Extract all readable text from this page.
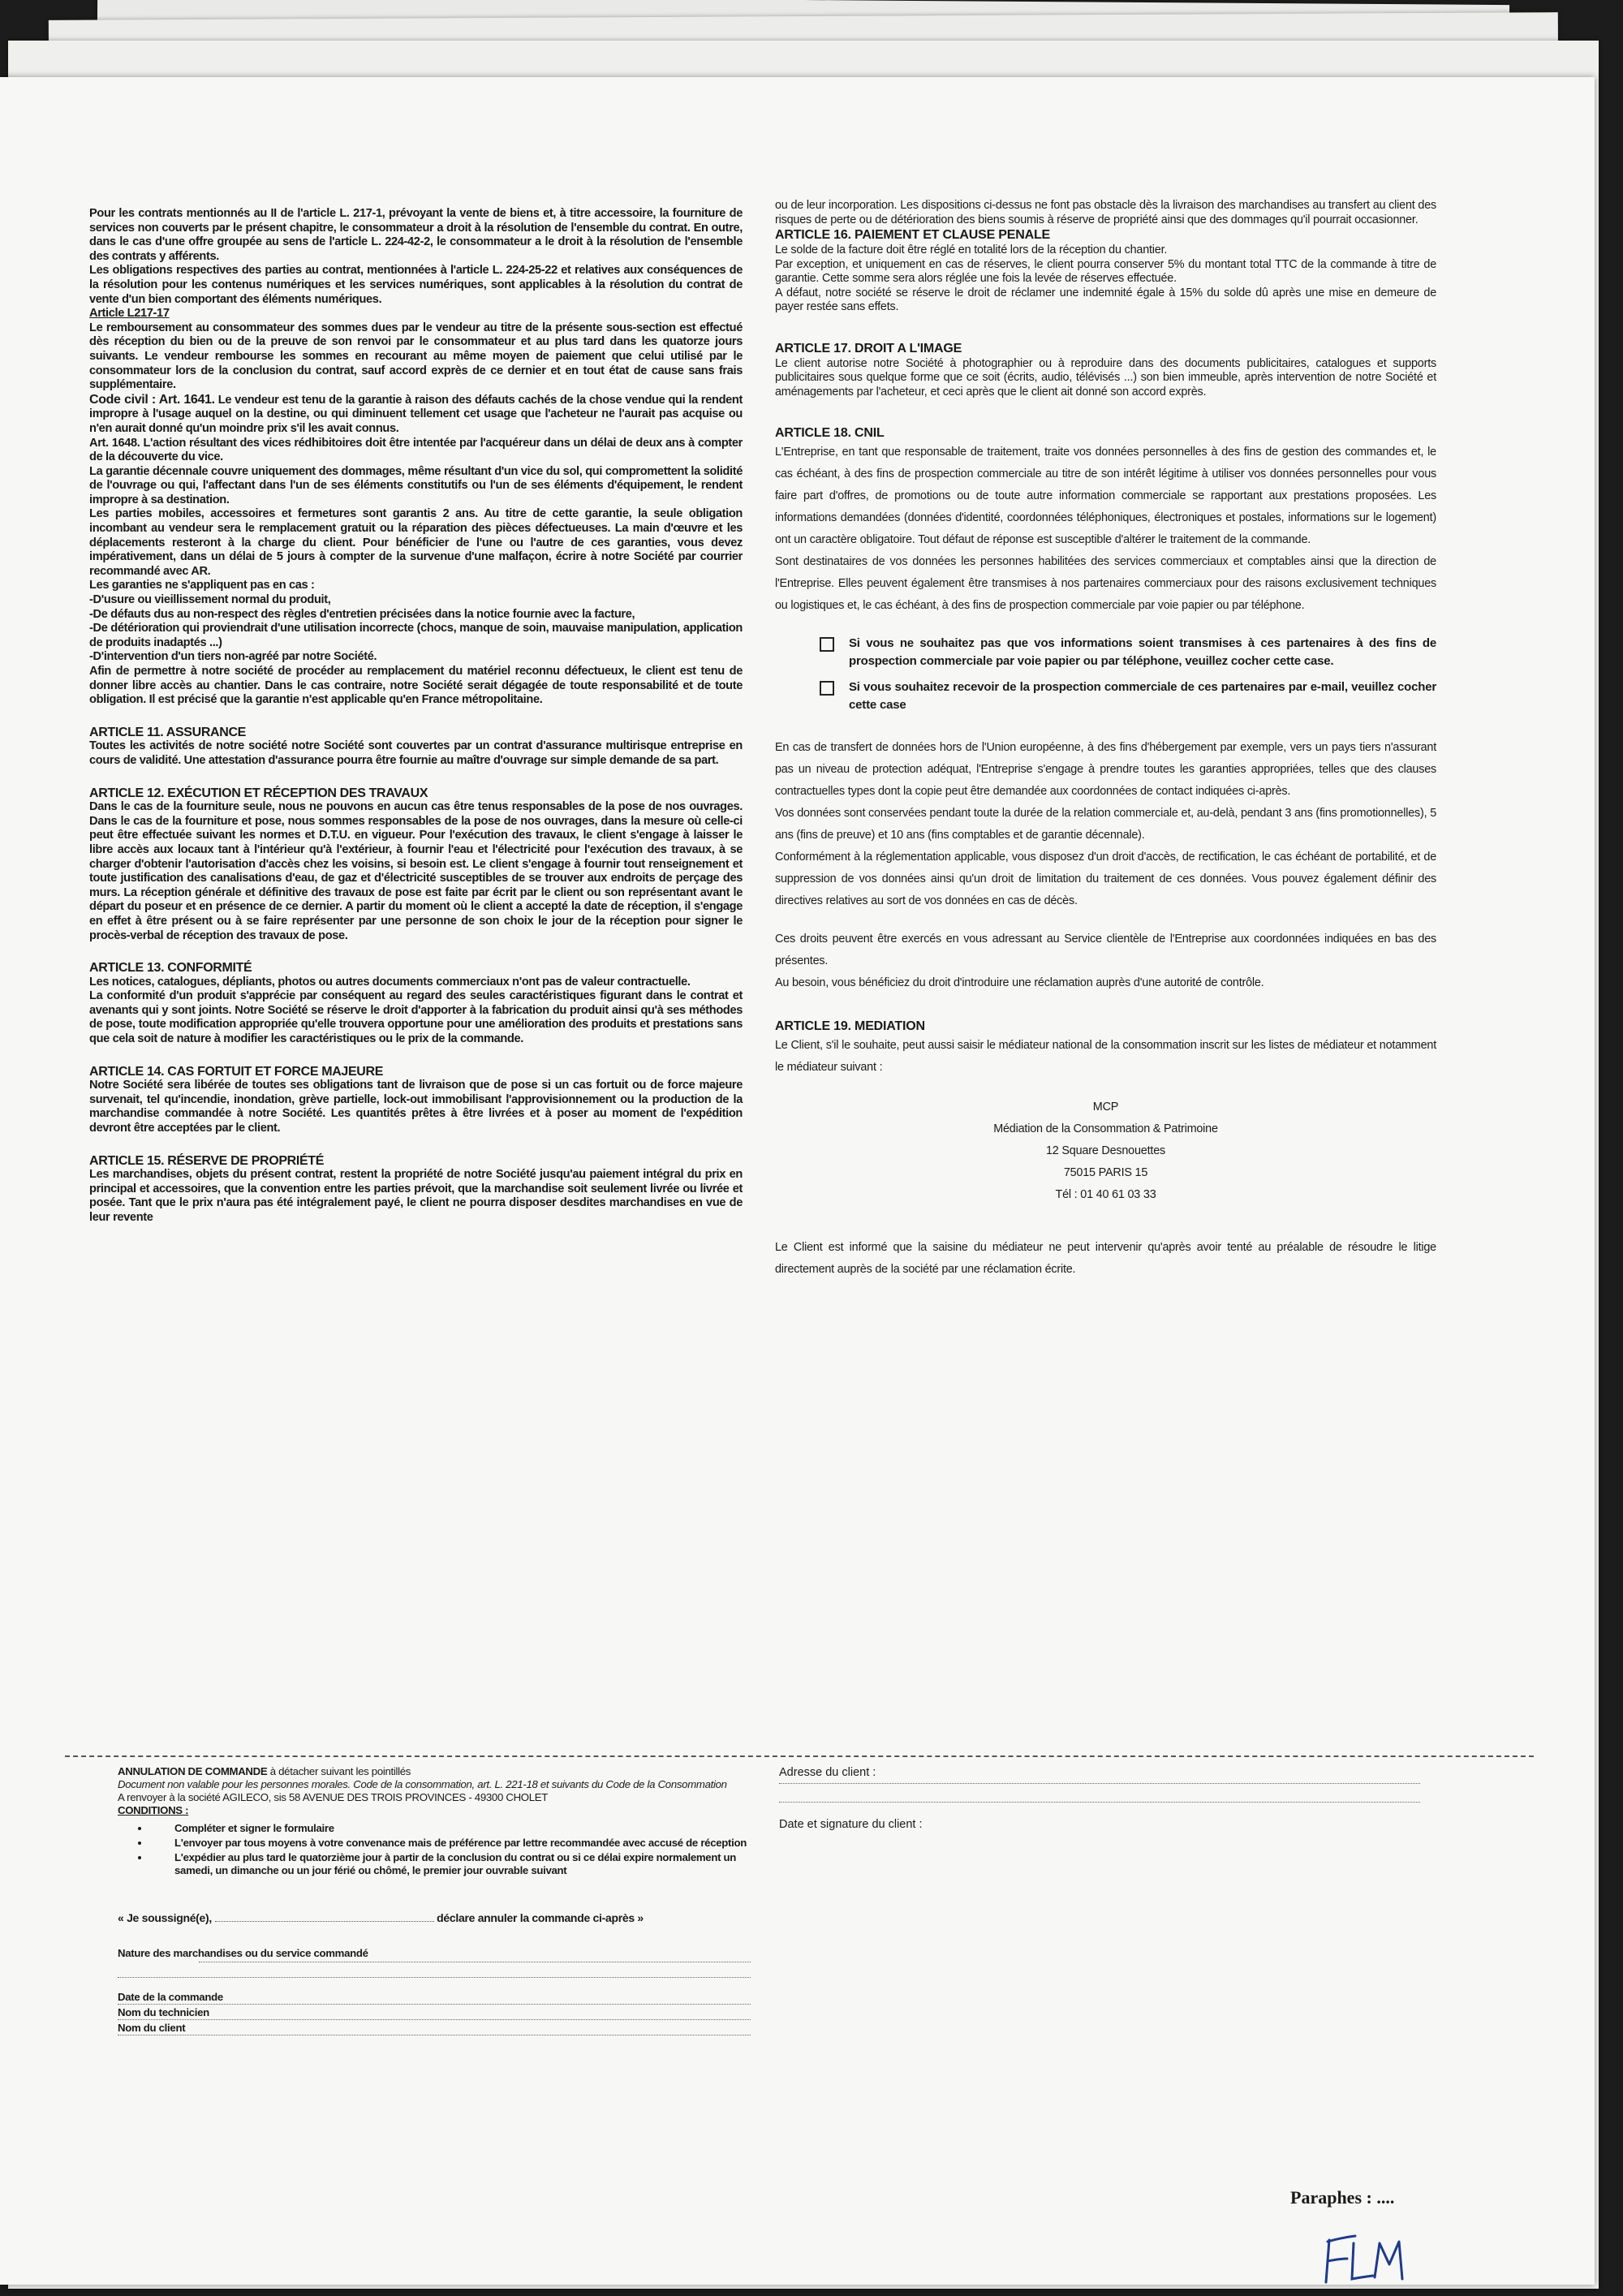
Pour les contrats mentionnés au II de l'article L. 217-1, prévoyant la vente de biens et, à titre accessoire, la fourniture de services non couverts par le présent chapitre, le consommateur a droit à la résolution de l'ensemble du contrat. En outre, dans le cas d'une offre groupée au sens de l'article L. 224-42-2, le consommateur a le droit à la résolution de l'ensemble des contrats y afférents.

Les obligations respectives des parties au contrat, mentionnées à l'article L. 224-25-22 et relatives aux conséquences de la résolution pour les contenus numériques et les services numériques, sont applicables à la résolution du contrat de vente d'un bien comportant des éléments numériques.

Article L217-17

Le remboursement au consommateur des sommes dues par le vendeur au titre de la présente sous-section est effectué dès réception du bien ou de la preuve de son renvoi par le consommateur et au plus tard dans les quatorze jours suivants. Le vendeur rembourse les sommes en recourant au même moyen de paiement que celui utilisé par le consommateur lors de la conclusion du contrat, sauf accord exprès de ce dernier et en tout état de cause sans frais supplémentaire.

Code civil : Art. 1641. Le vendeur est tenu de la garantie à raison des défauts cachés de la chose vendue qui la rendent impropre à l'usage auquel on la destine, ou qui diminuent tellement cet usage que l'acheteur ne l'aurait pas acquise ou n'en aurait donné qu'un moindre prix s'il les avait connus.

Art. 1648. L'action résultant des vices rédhibitoires doit être intentée par l'acquéreur dans un délai de deux ans à compter de la découverte du vice.

La garantie décennale couvre uniquement des dommages, même résultant d'un vice du sol, qui compromettent la solidité de l'ouvrage ou qui, l'affectant dans l'un de ses éléments constitutifs ou l'un de ses éléments d'équipement, le rendent impropre à sa destination.

Les parties mobiles, accessoires et fermetures sont garantis 2 ans. Au titre de cette garantie, la seule obligation incombant au vendeur sera le remplacement gratuit ou la réparation des pièces défectueuses. La main d'œuvre et les déplacements resteront à la charge du client. Pour bénéficier de l'une ou l'autre de ces garanties, vous devez impérativement, dans un délai de 5 jours à compter de la survenue d'une malfaçon, écrire à notre Société par courrier recommandé avec AR.

Les garanties ne s'appliquent pas en cas :

-D'usure ou vieillissement normal du produit,

-De défauts dus au non-respect des règles d'entretien précisées dans la notice fournie avec la facture,

-De détérioration qui proviendrait d'une utilisation incorrecte (chocs, manque de soin, mauvaise manipulation, application de produits inadaptés ...)

-D'intervention d'un tiers non-agréé par notre Société.

Afin de permettre à notre société de procéder au remplacement du matériel reconnu défectueux, le client est tenu de donner libre accès au chantier. Dans le cas contraire, notre Société serait dégagée de toute responsabilité et de toute obligation. Il est précisé que la garantie n'est applicable qu'en France métropolitaine.

ARTICLE 11. ASSURANCE

Toutes les activités de notre société notre Société sont couvertes par un contrat d'assurance multirisque entreprise en cours de validité. Une attestation d'assurance pourra être fournie au maître d'ouvrage sur simple demande de sa part.

ARTICLE 12. EXÉCUTION ET RÉCEPTION DES TRAVAUX

Dans le cas de la fourniture seule, nous ne pouvons en aucun cas être tenus responsables de la pose de nos ouvrages. Dans le cas de la fourniture et pose, nous sommes responsables de la pose de nos ouvrages, dans la mesure où celle-ci peut être effectuée suivant les normes et D.T.U. en vigueur. Pour l'exécution des travaux, le client s'engage à laisser le libre accès aux locaux tant à l'intérieur qu'à l'extérieur, à fournir l'eau et l'électricité pour l'exécution des travaux, à se charger d'obtenir l'autorisation d'accès chez les voisins, si besoin est. Le client s'engage à fournir tout renseignement et toute justification des canalisations d'eau, de gaz et d'électricité susceptibles de se trouver aux endroits de perçage des murs. La réception générale et définitive des travaux de pose est faite par écrit par le client ou son représentant avant le départ du poseur et en présence de ce dernier. A partir du moment où le client a accepté la date de réception, il s'engage en effet à être présent ou à se faire représenter par une personne de son choix le jour de la réception pour signer le procès-verbal de réception des travaux de pose.

ARTICLE 13. CONFORMITÉ

Les notices, catalogues, dépliants, photos ou autres documents commerciaux n'ont pas de valeur contractuelle.

La conformité d'un produit s'apprécie par conséquent au regard des seules caractéristiques figurant dans le contrat et avenants qui y sont joints. Notre Société se réserve le droit d'apporter à la fabrication du produit ainsi qu'à ses méthodes de pose, toute modification appropriée qu'elle trouvera opportune pour une amélioration des produits et prestations sans que cela soit de nature à modifier les caractéristiques ou le prix de la commande.

ARTICLE 14. CAS FORTUIT ET FORCE MAJEURE

Notre Société sera libérée de toutes ses obligations tant de livraison que de pose si un cas fortuit ou de force majeure survenait, tel qu'incendie, inondation, grève partielle, lock-out immobilisant l'approvisionnement ou la production de la marchandise commandée à notre Société. Les quantités prêtes à être livrées et à poser au moment de l'expédition devront être acceptées par le client.

ARTICLE 15. RÉSERVE DE PROPRIÉTÉ

Les marchandises, objets du présent contrat, restent la propriété de notre Société jusqu'au paiement intégral du prix en principal et accessoires, que la convention entre les parties prévoit, que la marchandise soit seulement livrée ou livrée et posée. Tant que le prix n'aura pas été intégralement payé, le client ne pourra disposer desdites marchandises en vue de leur revente

ou de leur incorporation. Les dispositions ci-dessus ne font pas obstacle dès la livraison des marchandises au transfert au client des risques de perte ou de détérioration des biens soumis à réserve de propriété ainsi que des dommages qu'il pourrait occasionner.

ARTICLE 16. PAIEMENT ET CLAUSE PENALE

Le solde de la facture doit être réglé en totalité lors de la réception du chantier.

Par exception, et uniquement en cas de réserves, le client pourra conserver 5% du montant total TTC de la commande à titre de garantie. Cette somme sera alors réglée une fois la levée de réserves effectuée.

A défaut, notre société se réserve le droit de réclamer une indemnité égale à 15% du solde dû après une mise en demeure de payer restée sans effets.

ARTICLE 17. DROIT A L'IMAGE

Le client autorise notre Société à photographier ou à reproduire dans des documents publicitaires, catalogues et supports publicitaires sous quelque forme que ce soit (écrits, audio, télévisés ...) son bien immeuble, après intervention de notre Société et aménagements par l'acheteur, et ceci après que le client ait donné son accord exprès.

ARTICLE 18. CNIL

L'Entreprise, en tant que responsable de traitement, traite vos données personnelles à des fins de gestion des commandes et, le cas échéant, à des fins de prospection commerciale au titre de son intérêt légitime à utiliser vos données personnelles pour vous faire part d'offres, de promotions ou de toute autre information commerciale se rapportant aux prestations proposées. Les informations demandées (données d'identité, coordonnées téléphoniques, électroniques et postales, informations sur le logement) ont un caractère obligatoire. Tout défaut de réponse est susceptible d'altérer le traitement de la commande.

Sont destinataires de vos données les personnes habilitées des services commerciaux et comptables ainsi que la direction de l'Entreprise. Elles peuvent également être transmises à nos partenaires commerciaux pour des raisons exclusivement techniques ou logistiques et, le cas échéant, à des fins de prospection commerciale par voie papier ou par téléphone.

Si vous ne souhaitez pas que vos informations soient transmises à ces partenaires à des fins de prospection commerciale par voie papier ou par téléphone, veuillez cocher cette case.
Si vous souhaitez recevoir de la prospection commerciale de ces partenaires par e-mail, veuillez cocher cette case

En cas de transfert de données hors de l'Union européenne, à des fins d'hébergement par exemple, vers un pays tiers n'assurant pas un niveau de protection adéquat, l'Entreprise s'engage à prendre toutes les garanties appropriées, telles que des clauses contractuelles types dont la copie peut être demandée aux coordonnées de contact indiquées ci-après.

Vos données sont conservées pendant toute la durée de la relation commerciale et, au-delà, pendant 3 ans (fins promotionnelles), 5 ans (fins de preuve) et 10 ans (fins comptables et de garantie décennale).

Conformément à la réglementation applicable, vous disposez d'un droit d'accès, de rectification, le cas échéant de portabilité, et de suppression de vos données ainsi qu'un droit de limitation du traitement de ces données. Vous pouvez également définir des directives relatives au sort de vos données en cas de décès.

Ces droits peuvent être exercés en vous adressant au Service clientèle de l'Entreprise aux coordonnées indiquées en bas des présentes.

Au besoin, vous bénéficiez du droit d'introduire une réclamation auprès d'une autorité de contrôle.

ARTICLE 19. MEDIATION

Le Client, s'il le souhaite, peut aussi saisir le médiateur national de la consommation inscrit sur les listes de médiateur et notamment le médiateur suivant :

MCP
Médiation de la Consommation & Patrimoine
12 Square Desnouettes
75015 PARIS 15
Tél : 01 40 61 03 33

Le Client est informé que la saisine du médiateur ne peut intervenir qu'après avoir tenté au préalable de résoudre le litige directement auprès de la société par une réclamation écrite.

ANNULATION DE COMMANDE à détacher suivant les pointillés

Document non valable pour les personnes morales. Code de la consommation, art. L. 221-18 et suivants du Code de la Consommation

A renvoyer à la société AGILECO, sis 58 AVENUE DES TROIS PROVINCES - 49300 CHOLET

CONDITIONS :

• Compléter et signer le formulaire
• L'envoyer par tous moyens à votre convenance mais de préférence par lettre recommandée avec accusé de réception
• L'expédier au plus tard le quatorzième jour à partir de la conclusion du contrat ou si ce délai expire normalement un samedi, un dimanche ou un jour férié ou chômé, le premier jour ouvrable suivant

« Je soussigné(e),	déclare annuler la commande ci-après »

Nature des marchandises ou du service commandé

Date de la commande
Nom du technicien
Nom du client
Adresse du client :
Date et signature du client :
Paraphes : ....
